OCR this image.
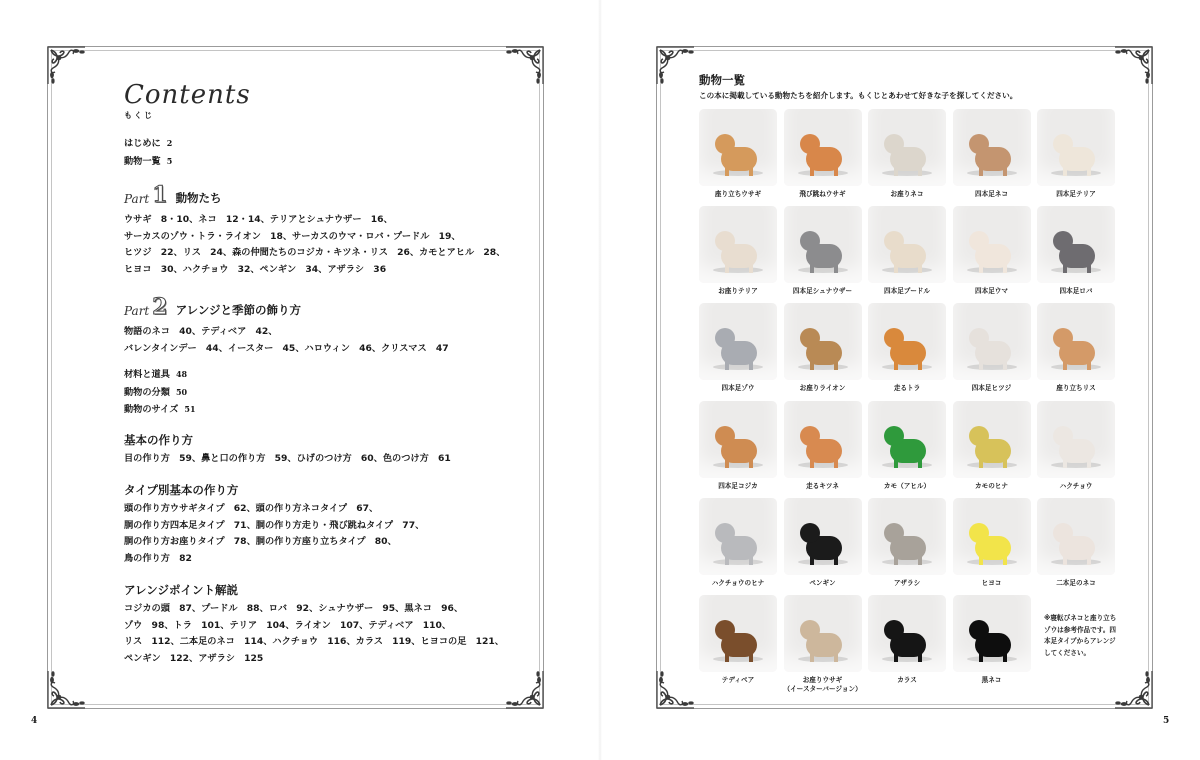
4
Contents
もくじ
はじめに 2
動物一覧 5
Part 1 動物たち
ウサギ　8・10、ネコ　12・14、テリアとシュナウザー　16、
サーカスのゾウ・トラ・ライオン　18、サーカスのウマ・ロバ・プードル　19、
ヒツジ　22、リス　24、森の仲間たちのコジカ・キツネ・リス　26、カモとアヒル　28、
ヒヨコ　30、ハクチョウ　32、ペンギン　34、アザラシ　36
Part 2 アレンジと季節の飾り方
物語のネコ　40、テディベア　42、
バレンタインデー　44、イースター　45、ハロウィン　46、クリスマス　47
材料と道具 48
動物の分類 50
動物のサイズ 51
基本の作り方
目の作り方　59、鼻と口の作り方　59、ひげのつけ方　60、色のつけ方　61
タイプ別基本の作り方
頭の作り方ウサギタイプ　62、頭の作り方ネコタイプ　67、
胴の作り方四本足タイプ　71、胴の作り方走り・飛び跳ねタイプ　77、
胴の作り方お座りタイプ　78、胴の作り方座り立ちタイプ　80、
鳥の作り方　82
アレンジポイント解説
コジカの頭　87、プードル　88、ロバ　92、シュナウザー　95、黒ネコ　96、
ゾウ　98、トラ　101、テリア　104、ライオン　107、テディベア　110、
リス　112、二本足のネコ　114、ハクチョウ　116、カラス　119、ヒヨコの足　121、
ペンギン　122、アザラシ　125
5
動物一覧
この本に掲載している動物たちを紹介します。もくじとあわせて好きな子を探してください。
座り立ちウサギ	飛び跳ねウサギ	お座りネコ	四本足ネコ	四本足テリア
お座りテリア	四本足シュナウザー	四本足プードル	四本足ウマ	四本足ロバ
四本足ゾウ	お座りライオン	走るトラ	四本足ヒツジ	座り立ちリス
四本足コジカ	走るキツネ	カモ（アヒル）	カモのヒナ	ハクチョウ
ハクチョウのヒナ	ペンギン	アザラシ	ヒヨコ	二本足のネコ
テディベア	お座りウサギ
（イースターバージョン）
カラス	黒ネコ
※寝転びネコと座り立ちゾウは参考作品です。四本足タイプからアレンジしてください。
